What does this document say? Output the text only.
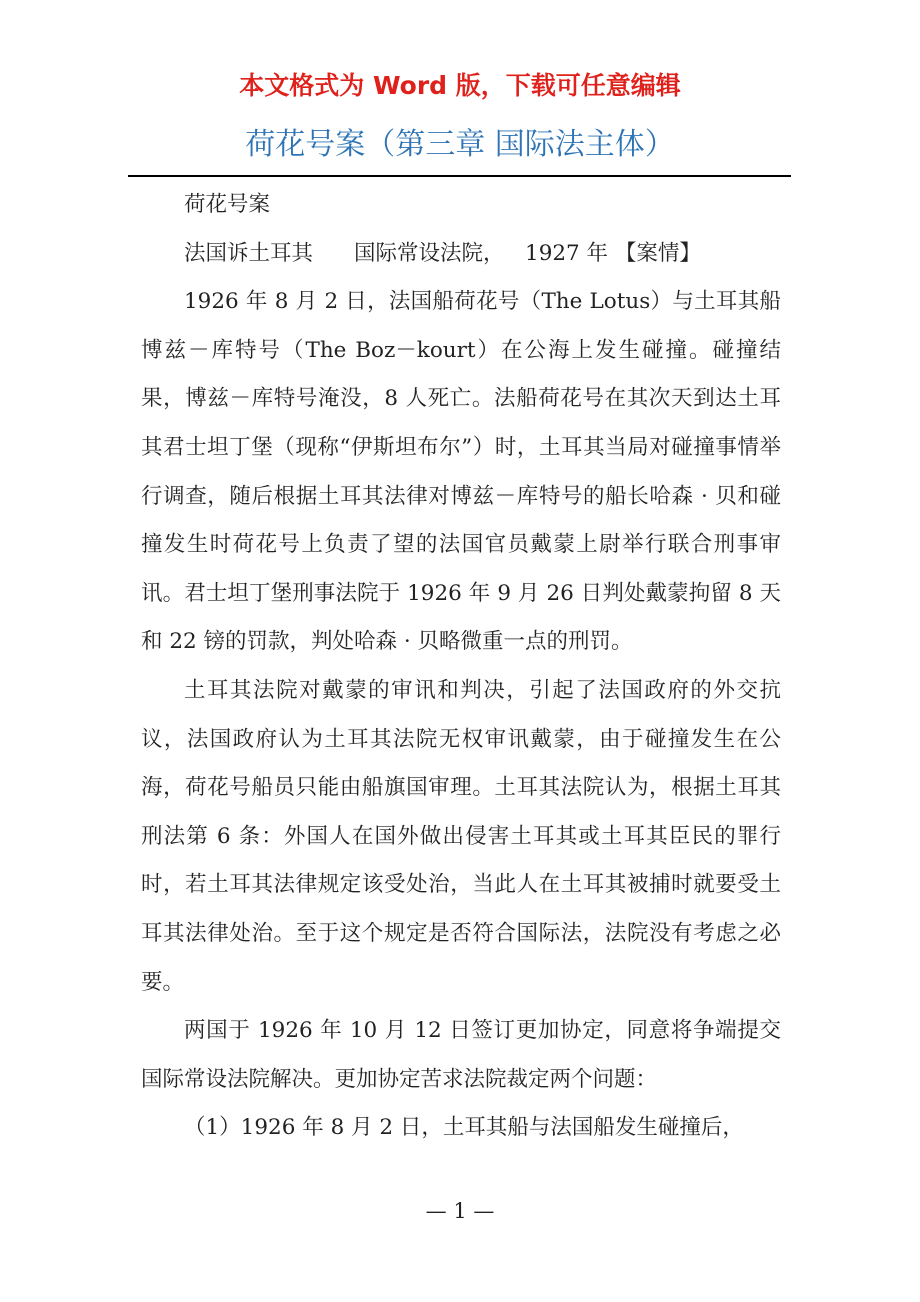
本文格式为 Word 版，下载可任意编辑
荷花号案（第三章 国际法主体）

荷花号案

法国诉土耳其      国际常设法院，   1927 年 【案情】

1926 年 8 月 2 日，法国船荷花号（The Lotus）与土耳其船博兹－库特号（The Boz－kourt）在公海上发生碰撞。碰撞结果，博兹－库特号淹没，8 人死亡。法船荷花号在其次天到达土耳其君士坦丁堡（现称“伊斯坦布尔”）时，土耳其当局对碰撞事情举行调查，随后根据土耳其法律对博兹－库特号的船长哈森 · 贝和碰撞发生时荷花号上负责了望的法国官员戴蒙上尉举行联合刑事审讯。君士坦丁堡刑事法院于 1926 年 9 月 26 日判处戴蒙拘留 8 天和 22 镑的罚款，判处哈森 · 贝略微重一点的刑罚。

土耳其法院对戴蒙的审讯和判决，引起了法国政府的外交抗议，法国政府认为土耳其法院无权审讯戴蒙，由于碰撞发生在公海，荷花号船员只能由船旗国审理。土耳其法院认为，根据土耳其刑法第 6 条：外国人在国外做出侵害土耳其或土耳其臣民的罪行时，若土耳其法律规定该受处治，当此人在土耳其被捕时就要受土耳其法律处治。至于这个规定是否符合国际法，法院没有考虑之必要。

两国于 1926 年 10 月 12 日签订更加协定，同意将争端提交国际常设法院解决。更加协定苦求法院裁定两个问题：

（1）1926 年 8 月 2 日，土耳其船与法国船发生碰撞后，

— 1 —
